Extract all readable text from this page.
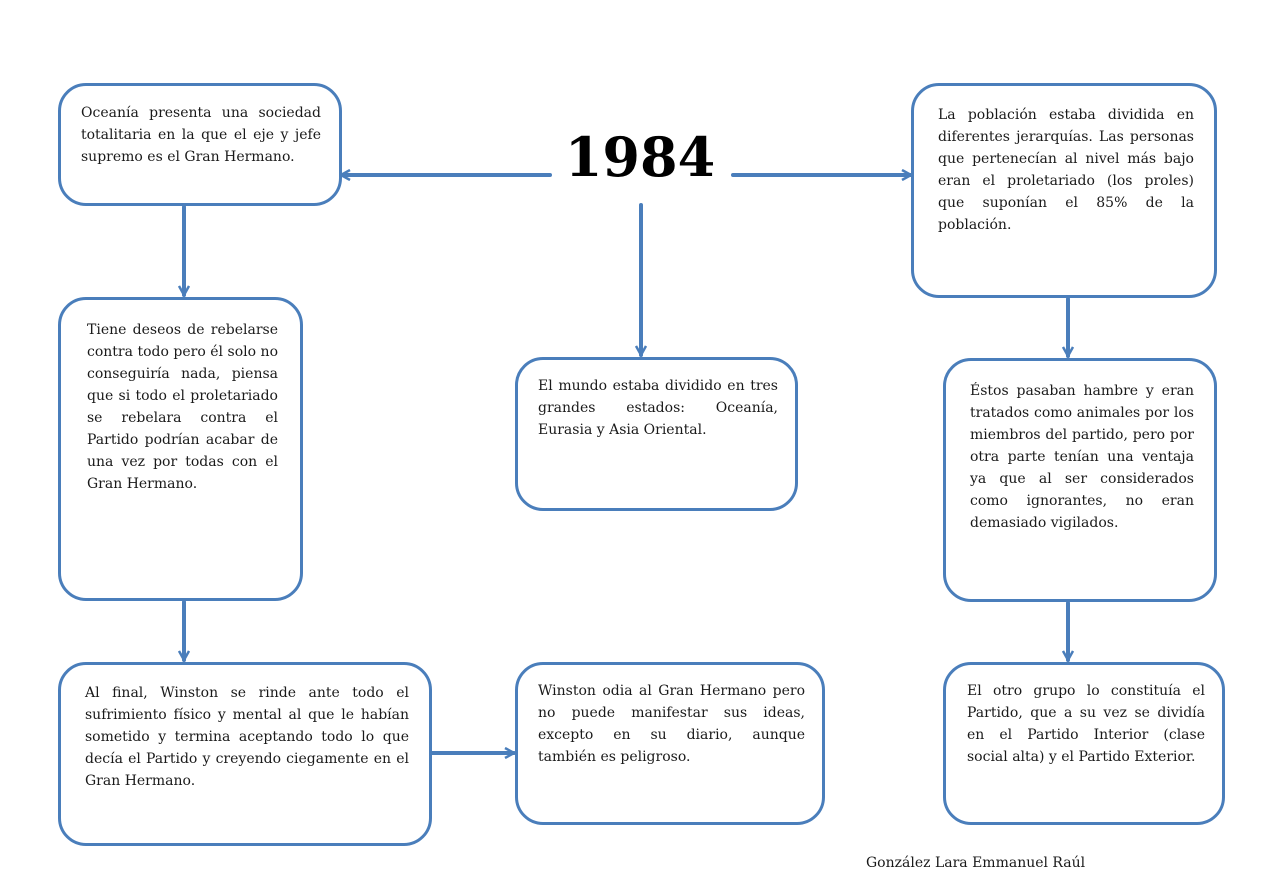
1984
Oceanía presenta una sociedad totalitaria en la que el eje y jefe supremo es el Gran Hermano.
Tiene deseos de rebelarse contra todo pero él solo no conseguiría nada, piensa que si todo el proletariado se rebelara contra el Partido podrían acabar de una vez por todas con el Gran Hermano.
Al final, Winston se rinde ante todo el sufrimiento físico y mental al que le habían sometido y termina aceptando todo lo que decía el Partido y creyendo ciegamente en el Gran Hermano.
El mundo estaba dividido en tres grandes estados: Oceanía, Eurasia y Asia Oriental.
Winston odia al Gran Hermano pero no puede manifestar sus ideas, excepto en su diario, aunque también es peligroso.
La población estaba dividida en diferentes jerarquías. Las personas que pertenecían al nivel más bajo eran el proletariado (los proles) que suponían el 85% de la población.
Éstos pasaban hambre y eran tratados como animales por los miembros del partido, pero por otra parte tenían una ventaja ya que al ser considerados como ignorantes, no eran demasiado vigilados.
El otro grupo lo constituía el Partido, que a su vez se dividía en el Partido Interior (clase social alta) y el Partido Exterior.
González Lara Emmanuel Raúl
